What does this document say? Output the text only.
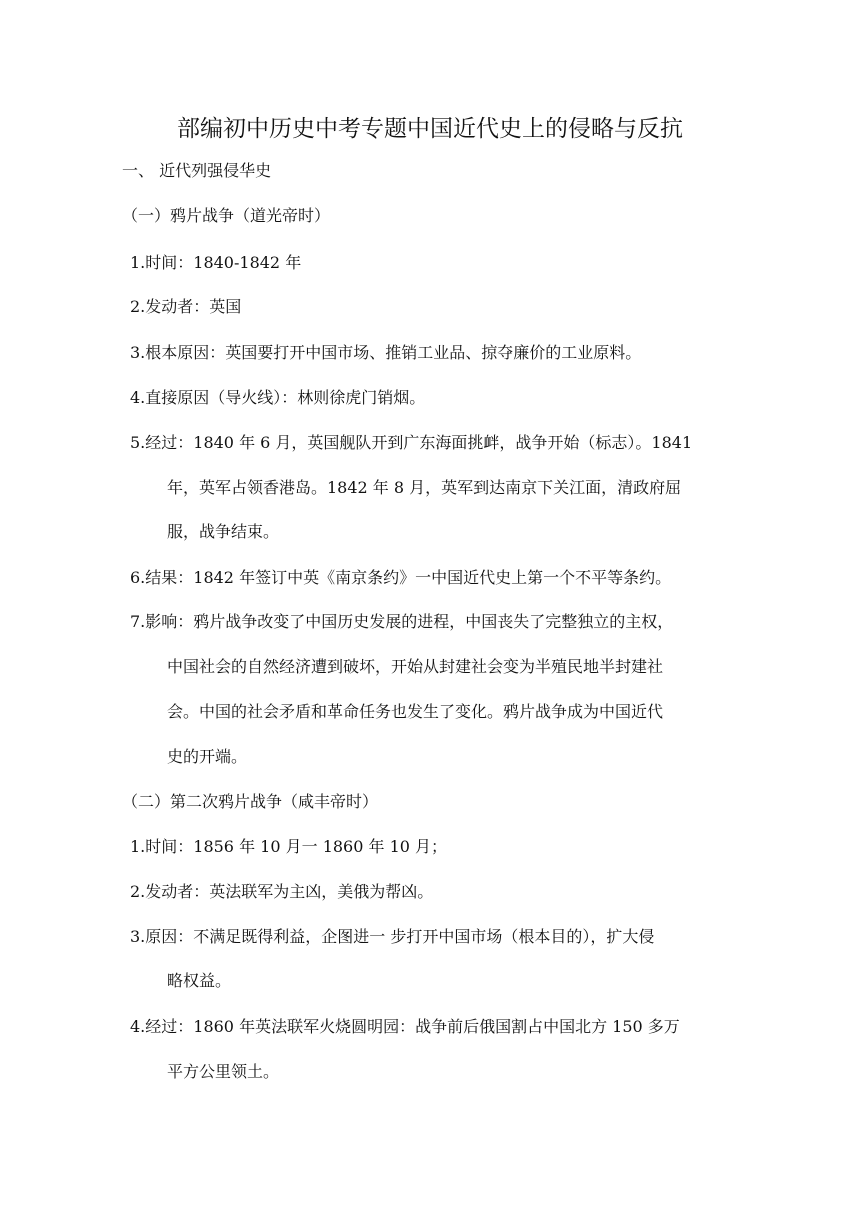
部编初中历史中考专题中国近代史上的侵略与反抗
一、 近代列强侵华史
（一）鸦片战争（道光帝时）
1.时间：1840-1842 年
2.发动者：英国
3.根本原因：英国要打开中国市场、推销工业品、掠夺廉价的工业原料。
4.直接原因（导火线）：林则徐虎门销烟。
5.经过：1840 年 6 月，英国舰队开到广东海面挑衅，战争开始（标志）。1841
年，英军占领香港岛。1842 年 8 月，英军到达南京下关江面，清政府屈
服，战争结束。
6.结果：1842 年签订中英《南京条约》一中国近代史上第一个不平等条约。
7.影响：鸦片战争改变了中国历史发展的进程，中国丧失了完整独立的主权，
中国社会的自然经济遭到破坏，开始从封建社会变为半殖民地半封建社
会。中国的社会矛盾和革命任务也发生了变化。鸦片战争成为中国近代
史的开端。
（二）第二次鸦片战争（咸丰帝时）
1.时间：1856 年 10 月一 1860 年 10 月；
2.发动者：英法联军为主凶，美俄为帮凶。
3.原因：不满足既得利益，企图进一 步打开中国市场（根本目的），扩大侵
略权益。
4.经过：1860 年英法联军火烧圆明园：战争前后俄国割占中国北方 150 多万
平方公里领土。
